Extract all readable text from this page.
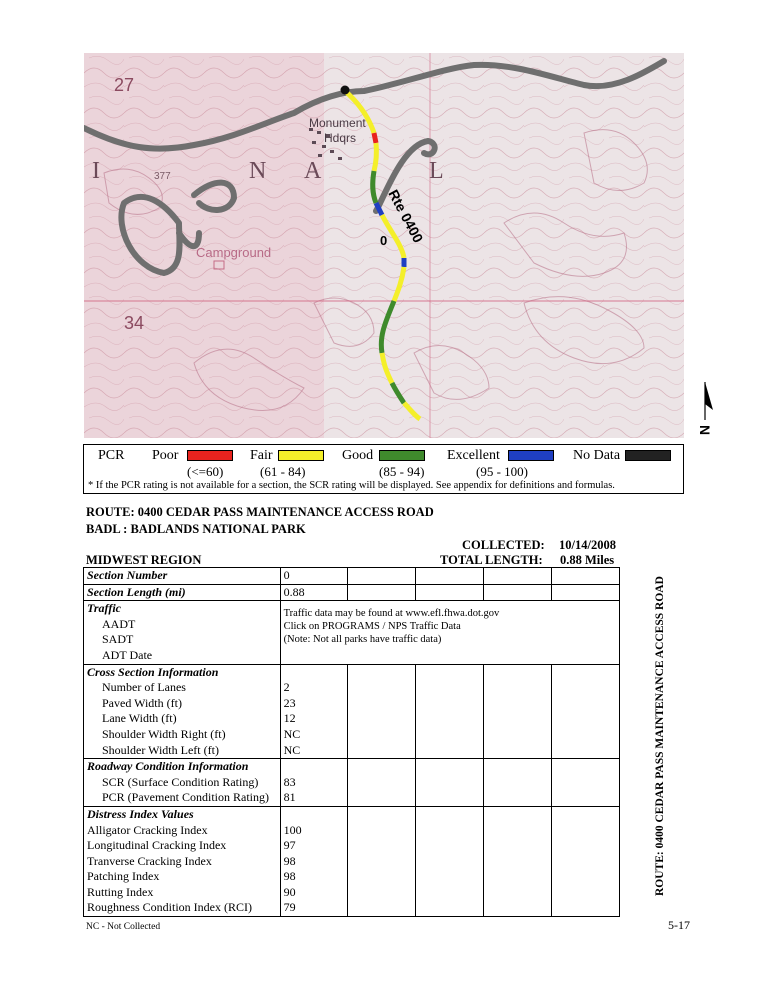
27
34
Monument
Hdqrs
Campground
377	N A	L
I
Rte 0400
0
PCR Poor
(<=60)
Fair
(61 - 84)
Good
(85 - 94)
Excellent
(95 - 100)
No Data
* If the PCR rating is not available for a section, the SCR rating will be displayed. See appendix for definitions and formulas.
N
ROUTE: 0400 CEDAR PASS MAINTENANCE ACCESS ROAD
BADL : BADLANDS NATIONAL PARK
COLLECTED: 10/14/2008
MIDWEST REGION	TOTAL LENGTH: 0.88 Miles
Section Number	0				
Section Length (mi)	0.88				
Traffic	Traffic data may be found at www.efl.fhwa.dot.gov
Click on PROGRAMS / NPS Traffic Data
(Note: Not all parks have traffic data)				

AADT					
SADT					
ADT Date					
Cross Section Information					
Number of Lanes	2				
Paved Width (ft)	23				
Lane Width (ft)	12				
Shoulder Width Right (ft)	NC				
Shoulder Width Left (ft)	NC				
Roadway Condition Information					
SCR (Surface Condition Rating)	83				
PCR (Pavement Condition Rating)	81				
Distress Index Values					
Alligator Cracking Index	100				
Longitudinal Cracking Index	97				
Tranverse Cracking Index	98				
Patching Index	98				
Rutting Index	90				
Roughness Condition Index (RCI)	79				
ROUTE: 0400 CEDAR PASS MAINTENANCE ACCESS ROAD
NC - Not Collected	5-17
